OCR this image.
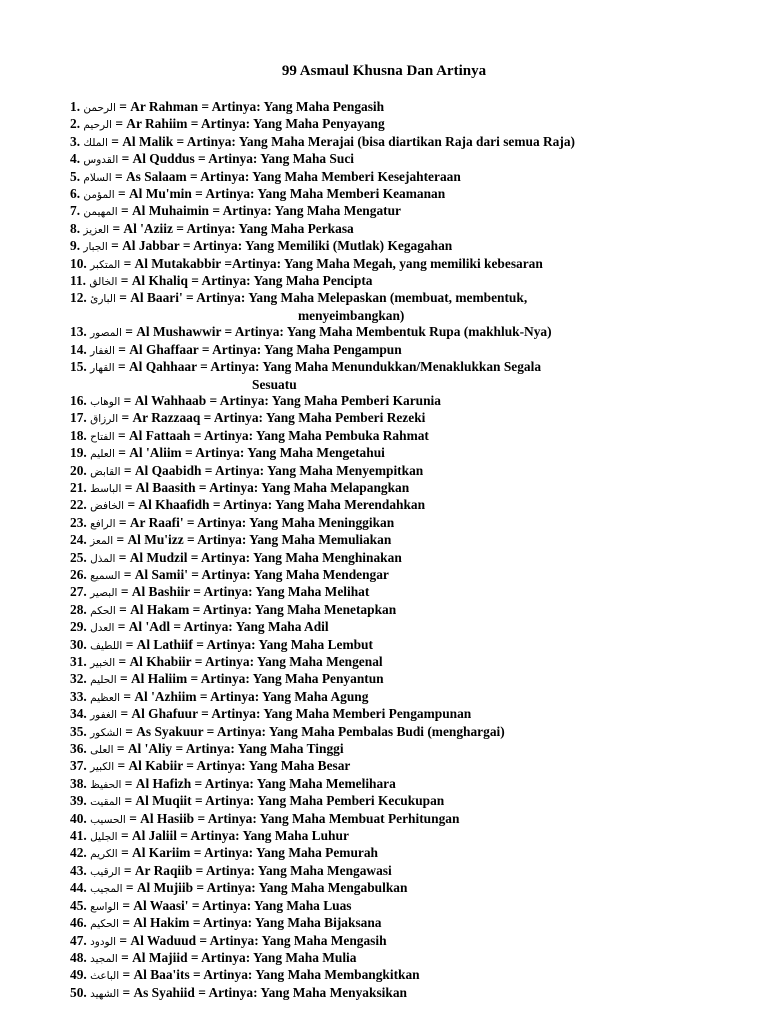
99 Asmaul Khusna Dan Artinya
1. الرحمن = Ar Rahman = Artinya: Yang Maha Pengasih
2. الرحيم = Ar Rahiim = Artinya: Yang Maha Penyayang
3. الملك = Al Malik = Artinya: Yang Maha Merajai (bisa diartikan Raja dari semua Raja)
4. القدوس = Al Quddus = Artinya: Yang Maha Suci
5. السلام = As Salaam = Artinya: Yang Maha Memberi Kesejahteraan
6. المؤمن = Al Mu'min = Artinya: Yang Maha Memberi Keamanan
7. المهيمن = Al Muhaimin = Artinya: Yang Maha Mengatur
8. العزيز = Al 'Aziiz = Artinya: Yang Maha Perkasa
9. الجبار = Al Jabbar = Artinya: Yang Memiliki (Mutlak) Kegagahan
10. المتكبر = Al Mutakabbir =Artinya: Yang Maha Megah, yang memiliki kebesaran
11. الخالق = Al Khaliq = Artinya: Yang Maha Pencipta
12. البارئ = Al Baari' = Artinya: Yang Maha Melepaskan (membuat, membentuk,
menyeimbangkan)
13. المصور = Al Mushawwir = Artinya: Yang Maha Membentuk Rupa (makhluk-Nya)
14. الغفار = Al Ghaffaar = Artinya: Yang Maha Pengampun
15. القهار = Al Qahhaar = Artinya: Yang Maha Menundukkan/Menaklukkan Segala
Sesuatu
16. الوهاب = Al Wahhaab = Artinya: Yang Maha Pemberi Karunia
17. الرزاق = Ar Razzaaq = Artinya: Yang Maha Pemberi Rezeki
18. الفتاح = Al Fattaah = Artinya: Yang Maha Pembuka Rahmat
19. العليم = Al 'Aliim = Artinya: Yang Maha Mengetahui
20. القابض = Al Qaabidh = Artinya: Yang Maha Menyempitkan
21. الباسط = Al Baasith = Artinya: Yang Maha Melapangkan
22. الخافض = Al Khaafidh = Artinya: Yang Maha Merendahkan
23. الرافع = Ar Raafi' = Artinya: Yang Maha Meninggikan
24. المعز = Al Mu'izz = Artinya: Yang Maha Memuliakan
25. المذل = Al Mudzil = Artinya: Yang Maha Menghinakan
26. السميع = Al Samii' = Artinya: Yang Maha Mendengar
27. البصير = Al Bashiir = Artinya: Yang Maha Melihat
28. الحكم = Al Hakam = Artinya: Yang Maha Menetapkan
29. العدل = Al 'Adl = Artinya: Yang Maha Adil
30. اللطيف = Al Lathiif = Artinya: Yang Maha Lembut
31. الخبير = Al Khabiir = Artinya: Yang Maha Mengenal
32. الحليم = Al Haliim = Artinya: Yang Maha Penyantun
33. العظيم = Al 'Azhiim = Artinya: Yang Maha Agung
34. الغفور = Al Ghafuur = Artinya: Yang Maha Memberi Pengampunan
35. الشكور = As Syakuur = Artinya: Yang Maha Pembalas Budi (menghargai)
36. العلى = Al 'Aliy = Artinya: Yang Maha Tinggi
37. الكبير = Al Kabiir = Artinya: Yang Maha Besar
38. الحفيظ = Al Hafizh = Artinya: Yang Maha Memelihara
39. المقيت = Al Muqiit = Artinya: Yang Maha Pemberi Kecukupan
40. الحسيب = Al Hasiib = Artinya: Yang Maha Membuat Perhitungan
41. الجليل = Al Jaliil = Artinya: Yang Maha Luhur
42. الكريم = Al Kariim = Artinya: Yang Maha Pemurah
43. الرقيب = Ar Raqiib = Artinya: Yang Maha Mengawasi
44. المجيب = Al Mujiib = Artinya: Yang Maha Mengabulkan
45. الواسع = Al Waasi' = Artinya: Yang Maha Luas
46. الحكيم = Al Hakim = Artinya: Yang Maha Bijaksana
47. الودود = Al Waduud = Artinya: Yang Maha Mengasih
48. المجيد = Al Majiid = Artinya: Yang Maha Mulia
49. الباعث = Al Baa'its = Artinya: Yang Maha Membangkitkan
50. الشهيد = As Syahiid = Artinya: Yang Maha Menyaksikan
